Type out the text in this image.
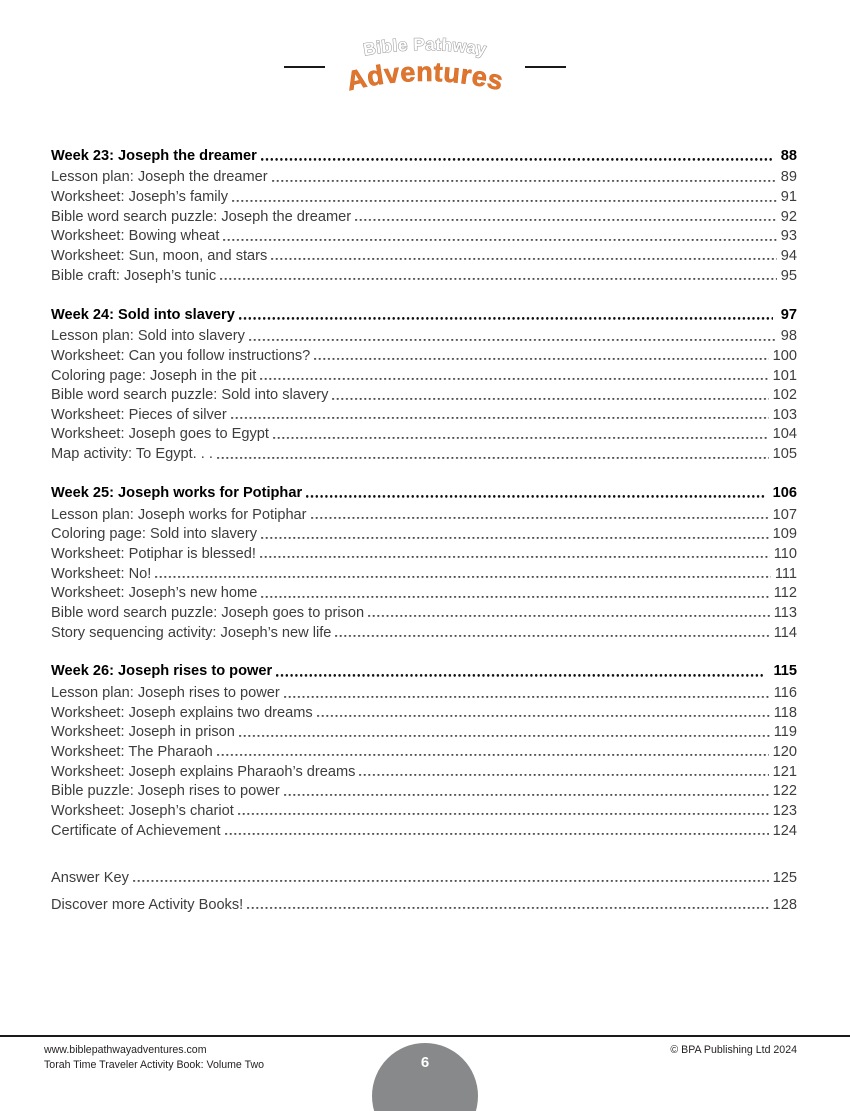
Bible Pathway
Adventures
Week 23: Joseph the dreamer	88
Lesson plan: Joseph the dreamer	89
Worksheet: Joseph’s family	91
Bible word search puzzle: Joseph the dreamer	92
Worksheet: Bowing wheat	93
Worksheet: Sun, moon, and stars	94
Bible craft: Joseph’s tunic	95
Week 24: Sold into slavery	97
Lesson plan: Sold into slavery	98
Worksheet: Can you follow instructions?	100
Coloring page: Joseph in the pit	101
Bible word search puzzle: Sold into slavery	102
Worksheet: Pieces of silver	103
Worksheet: Joseph goes to Egypt	104
Map activity: To Egypt. . .	105
Week 25: Joseph works for Potiphar	106
Lesson plan: Joseph works for Potiphar	107
Coloring page: Sold into slavery	109
Worksheet: Potiphar is blessed!	110
Worksheet: No!	111
Worksheet: Joseph’s new home	112
Bible word search puzzle: Joseph goes to prison	113
Story sequencing activity: Joseph’s new life	114
Week 26: Joseph rises to power	115
Lesson plan: Joseph rises to power	116
Worksheet: Joseph explains two dreams	118
Worksheet: Joseph in prison	119
Worksheet: The Pharaoh	120
Worksheet: Joseph explains Pharaoh’s dreams	121
Bible puzzle: Joseph rises to power	122
Worksheet: Joseph’s chariot	123
Certificate of Achievement	124
Answer Key	125
Discover more Activity Books!	128
www.biblepathwayadventures.com
Torah Time Traveler Activity Book: Volume Two
© BPA Publishing Ltd 2024
6
